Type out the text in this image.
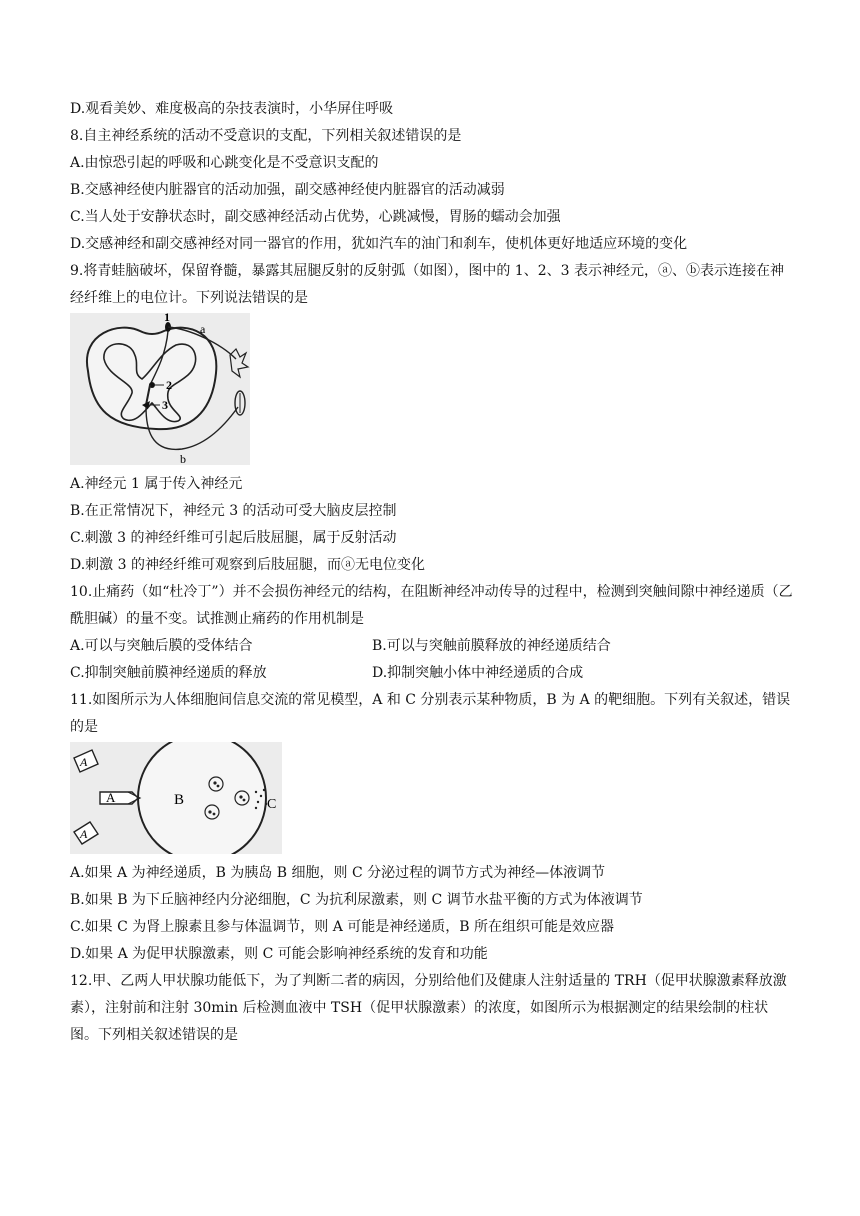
D.观看美妙、难度极高的杂技表演时，小华屏住呼吸
8.自主神经系统的活动不受意识的支配，下列相关叙述错误的是
A.由惊恐引起的呼吸和心跳变化是不受意识支配的
B.交感神经使内脏器官的活动加强，副交感神经使内脏器官的活动减弱
C.当人处于安静状态时，副交感神经活动占优势，心跳减慢，胃肠的蠕动会加强
D.交感神经和副交感神经对同一器官的作用，犹如汽车的油门和刹车，使机体更好地适应环境的变化
9.将青蛙脑破坏，保留脊髓，暴露其屈腿反射的反射弧（如图），图中的 1、2、3 表示神经元，ⓐ、ⓑ表示连接在神经纤维上的电位计。下列说法错误的是
1
a
2
3
b
A.神经元 1 属于传入神经元
B.在正常情况下，神经元 3 的活动可受大脑皮层控制
C.刺激 3 的神经纤维可引起后肢屈腿，属于反射活动
D.刺激 3 的神经纤维可观察到后肢屈腿，而ⓐ无电位变化
10.止痛药（如“杜冷丁”）并不会损伤神经元的结构，在阻断神经冲动传导的过程中，检测到突触间隙中神经递质（乙酰胆碱）的量不变。试推测止痛药的作用机制是
A.可以与突触后膜的受体结合	B.可以与突触前膜释放的神经递质结合
C.抑制突触前膜神经递质的释放	D.抑制突触小体中神经递质的合成
11.如图所示为人体细胞间信息交流的常见模型，A 和 C 分别表示某种物质，B 为 A 的靶细胞。下列有关叙述，错误的是
A
A
A
B	C
A.如果 A 为神经递质，B 为胰岛 B 细胞，则 C 分泌过程的调节方式为神经—体液调节
B.如果 B 为下丘脑神经内分泌细胞，C 为抗利尿激素，则 C 调节水盐平衡的方式为体液调节
C.如果 C 为肾上腺素且参与体温调节，则 A 可能是神经递质，B 所在组织可能是效应器
D.如果 A 为促甲状腺激素，则 C 可能会影响神经系统的发育和功能
12.甲、乙两人甲状腺功能低下，为了判断二者的病因，分别给他们及健康人注射适量的 TRH（促甲状腺激素释放激素），注射前和注射 30min 后检测血液中 TSH（促甲状腺激素）的浓度，如图所示为根据测定的结果绘制的柱状图。下列相关叙述错误的是
